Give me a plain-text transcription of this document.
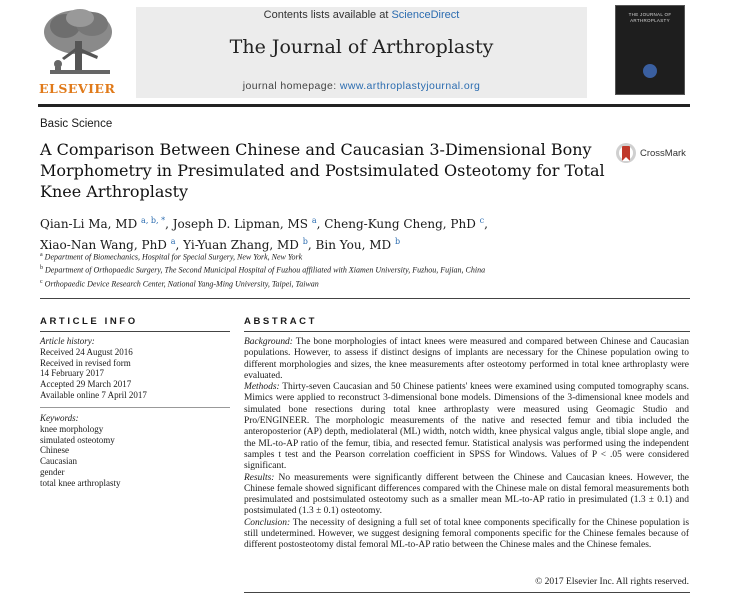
ELSEVIER
Contents lists available at ScienceDirect
The Journal of Arthroplasty
journal homepage: www.arthroplastyjournal.org
THE JOURNAL OF ARTHROPLASTY
Basic Science
A Comparison Between Chinese and Caucasian 3-Dimensional Bony Morphometry in Presimulated and Postsimulated Osteotomy for Total Knee Arthroplasty
CrossMark
Qian-Li Ma, MD $^{a, b, *}$, Joseph D. Lipman, MS $^a$, Cheng-Kung Cheng, PhD $^c$,
Xiao-Nan Wang, PhD $^a$, Yi-Yuan Zhang, MD $^b$, Bin You, MD $^b$
$^a$ Department of Biomechanics, Hospital for Special Surgery, New York, New York
$^b$ Department of Orthopaedic Surgery, The Second Municipal Hospital of Fuzhou affiliated with Xiamen University, Fuzhou, Fujian, China
$^c$ Orthopaedic Device Research Center, National Yang-Ming University, Taipei, Taiwan
ARTICLE INFO
Article history:
Received 24 August 2016
Received in revised form
14 February 2017
Accepted 29 March 2017
Available online 7 April 2017
Keywords:
knee morphology
simulated osteotomy
Chinese
Caucasian
gender
total knee arthroplasty
ABSTRACT

Background: The bone morphologies of intact knees were measured and compared between Chinese and Caucasian populations. However, to assess if distinct designs of implants are necessary for the Chinese population owing to different morphologies and sizes, the knee measurements after osteotomy performed in total knee arthroplasty were evaluated.

Methods: Thirty-seven Caucasian and 50 Chinese patients' knees were examined using computed tomography scans. Mimics were applied to reconstruct 3-dimensional bone models. Dimensions of the 3-dimensional knee models and simulated bone resections during total knee arthroplasty were measured using Geomagic Studio and Pro/ENGINEER. The morphologic measurements of the native and resected femur and tibia included the anteroposterior (AP) depth, mediolateral (ML) width, notch width, knee physical valgus angle, tibial slope angle, and the ML-to-AP ratio of the femur, tibia, and resected femur. Statistical analysis was performed using the independent samples t test and the Pearson correlation coefficient in SPSS for Windows. Values of P < .05 were considered significant.

Results: No measurements were significantly different between the Chinese and Caucasian knees. However, the Chinese female showed significant differences compared with the Chinese male on distal femoral measurements both presimulated and postsimulated osteotomy such as a smaller mean ML-to-AP ratio in presimulated (1.3 ± 0.1) and postsimulated (1.3 ± 0.1) osteotomy.

Conclusion: The necessity of designing a full set of total knee components specifically for the Chinese population is still undetermined. However, we suggest designing femoral components specific for the Chinese females because of different postosteotomy distal femoral ML-to-AP ratio between the Chinese males and the Chinese females.

© 2017 Elsevier Inc. All rights reserved.
